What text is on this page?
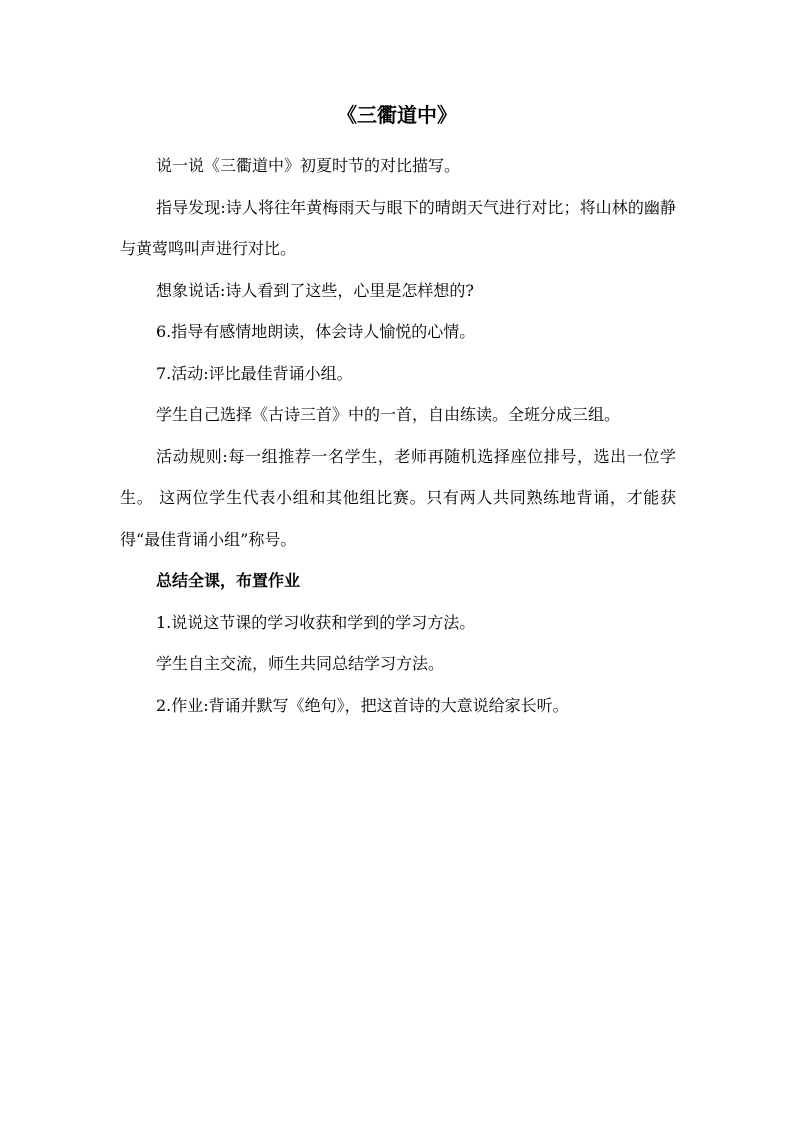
《三衢道中》

说一说《三衢道中》初夏时节的对比描写。

指导发现:诗人将往年黄梅雨天与眼下的晴朗天气进行对比；将山林的幽静与黄莺鸣叫声进行对比。

想象说话:诗人看到了这些，心里是怎样想的?

6.指导有感情地朗读，体会诗人愉悦的心情。

7.活动:评比最佳背诵小组。

学生自己选择《古诗三首》中的一首，自由练读。全班分成三组。

活动规则:每一组推荐一名学生，老师再随机选择座位排号，选出一位学生。 这两位学生代表小组和其他组比赛。只有两人共同熟练地背诵，才能获得“最佳背诵小组”称号。

总结全课，布置作业

1.说说这节课的学习收获和学到的学习方法。

学生自主交流，师生共同总结学习方法。

2.作业:背诵并默写《绝句》，把这首诗的大意说给家长听。
